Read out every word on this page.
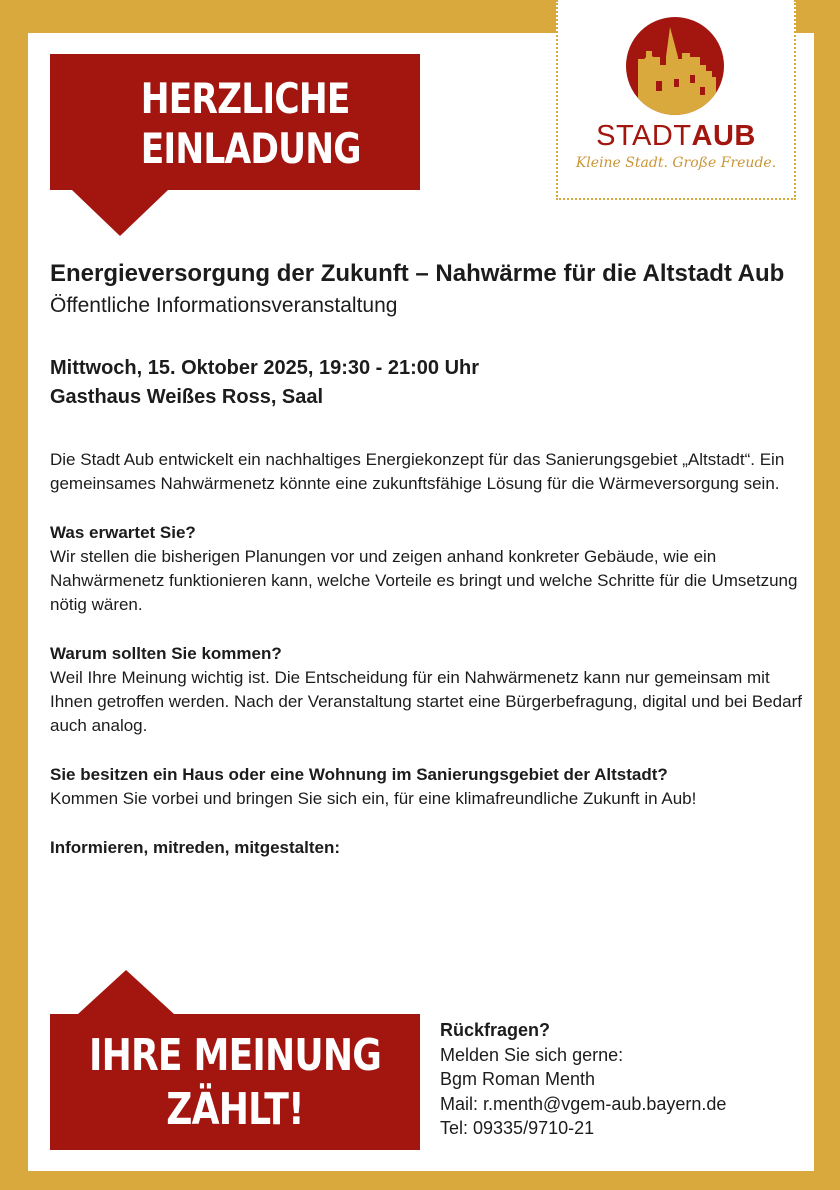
HERZLICHE
EINLADUNG	STADTAUB
Kleine Stadt. Große Freude.
Energieversorgung der Zukunft – Nahwärme für die Altstadt Aub

Öffentliche Informationsveranstaltung

Mittwoch, 15. Oktober 2025, 19:30 - 21:00 Uhr

Gasthaus Weißes Ross, Saal

Die Stadt Aub entwickelt ein nachhaltiges Energiekonzept für das Sanierungsgebiet „Altstadt“. Ein gemeinsames Nahwärmenetz könnte eine zukunftsfähige Lösung für die Wärmeversorgung sein.

Was erwartet Sie?

Wir stellen die bisherigen Planungen vor und zeigen anhand konkreter Gebäude, wie ein Nahwärmenetz funktionieren kann, welche Vorteile es bringt und welche Schritte für die Umsetzung nötig wären.

Warum sollten Sie kommen?

Weil Ihre Meinung wichtig ist. Die Entscheidung für ein Nahwärmenetz kann nur gemeinsam mit Ihnen getroffen werden. Nach der Veranstaltung startet eine Bürgerbefragung, digital und bei Bedarf auch analog.

Sie besitzen ein Haus oder eine Wohnung im Sanierungsgebiet der Altstadt?

Kommen Sie vorbei und bringen Sie sich ein, für eine klimafreundliche Zukunft in Aub!

Informieren, mitreden, mitgestalten:

IHRE MEINUNG
ZÄHLT!
Rückfragen?
Melden Sie sich gerne:
Bgm Roman Menth
Mail: r.menth@vgem-aub.bayern.de
Tel: 09335/9710-21
